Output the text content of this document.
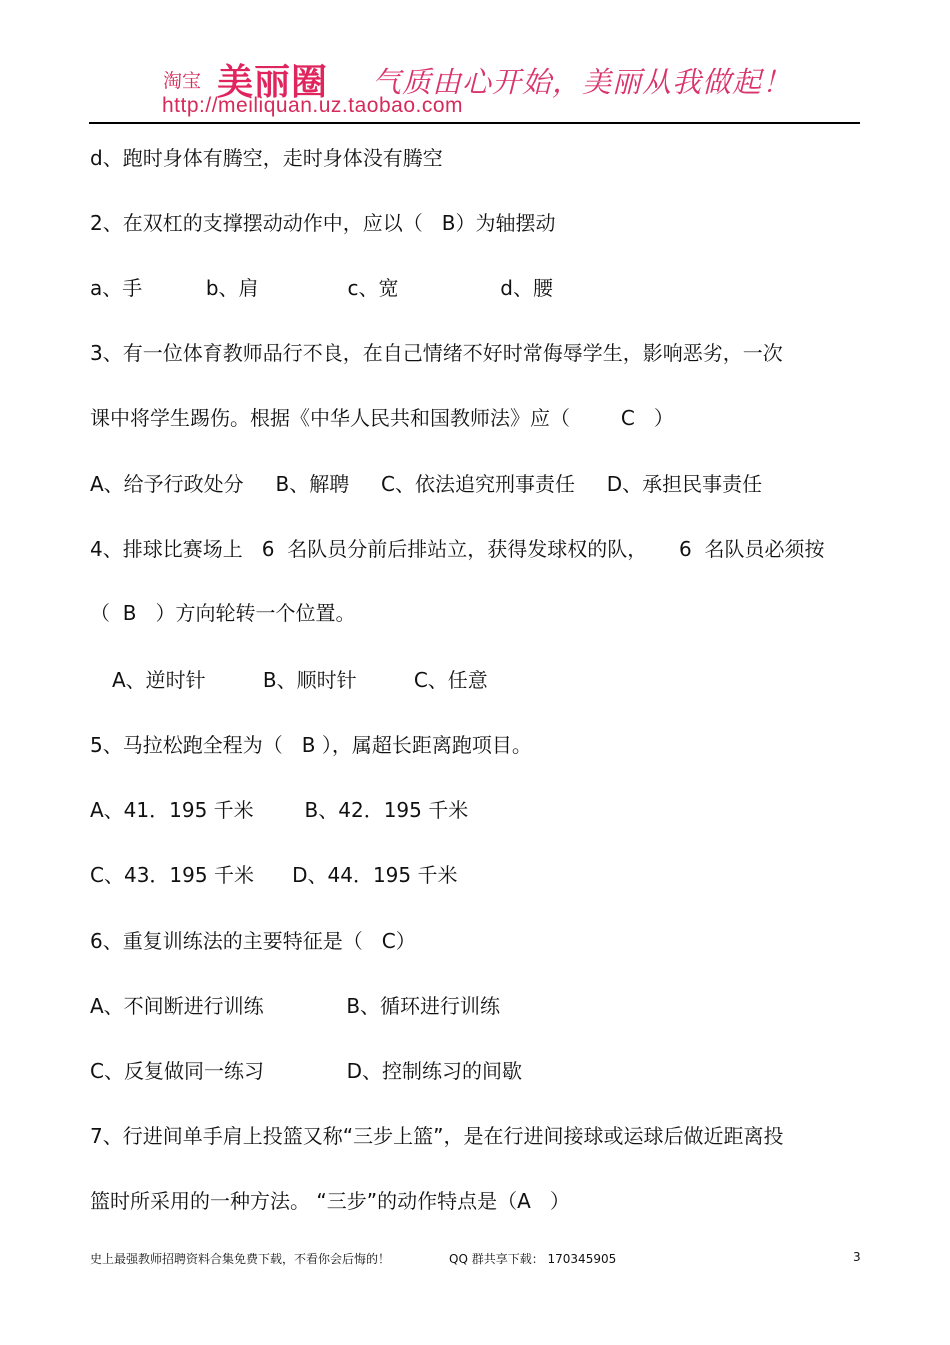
淘宝 美丽圈 气质由心开始，美丽从我做起！
http://meiliquan.uz.taobao.com
d、跑时身体有腾空，走时身体没有腾空
2、在双杠的支撑摆动动作中，应以（   B）为轴摆动
a、手          b、肩              c、宽                d、腰
3、有一位体育教师品行不良，在自己情绪不好时常侮辱学生，影响恶劣，一次
课中将学生踢伤。根据《中华人民共和国教师法》应（        C   ）
A、给予行政处分     B、解聘     C、依法追究刑事责任     D、承担民事责任
4、排球比赛场上   6  名队员分前后排站立，获得发球权的队，     6  名队员必须按
（  B   ）方向轮转一个位置。
A、逆时针         B、顺时针         C、任意
5、马拉松跑全程为（   B ），属超长距离跑项目。
A、41．195 千米        B、42．195 千米
C、43．195 千米      D、44．195 千米
6、重复训练法的主要特征是（   C）
A、不间断进行训练             B、循环进行训练
C、反复做同一练习             D、控制练习的间歇
7、行进间单手肩上投篮又称“三步上篮”，是在行进间接球或运球后做近距离投
篮时所采用的一种方法。 “三步”的动作特点是（A   ）
史上最强教师招聘资料合集免费下载，不看你会后悔的！	QQ 群共享下载： 170345905	3
